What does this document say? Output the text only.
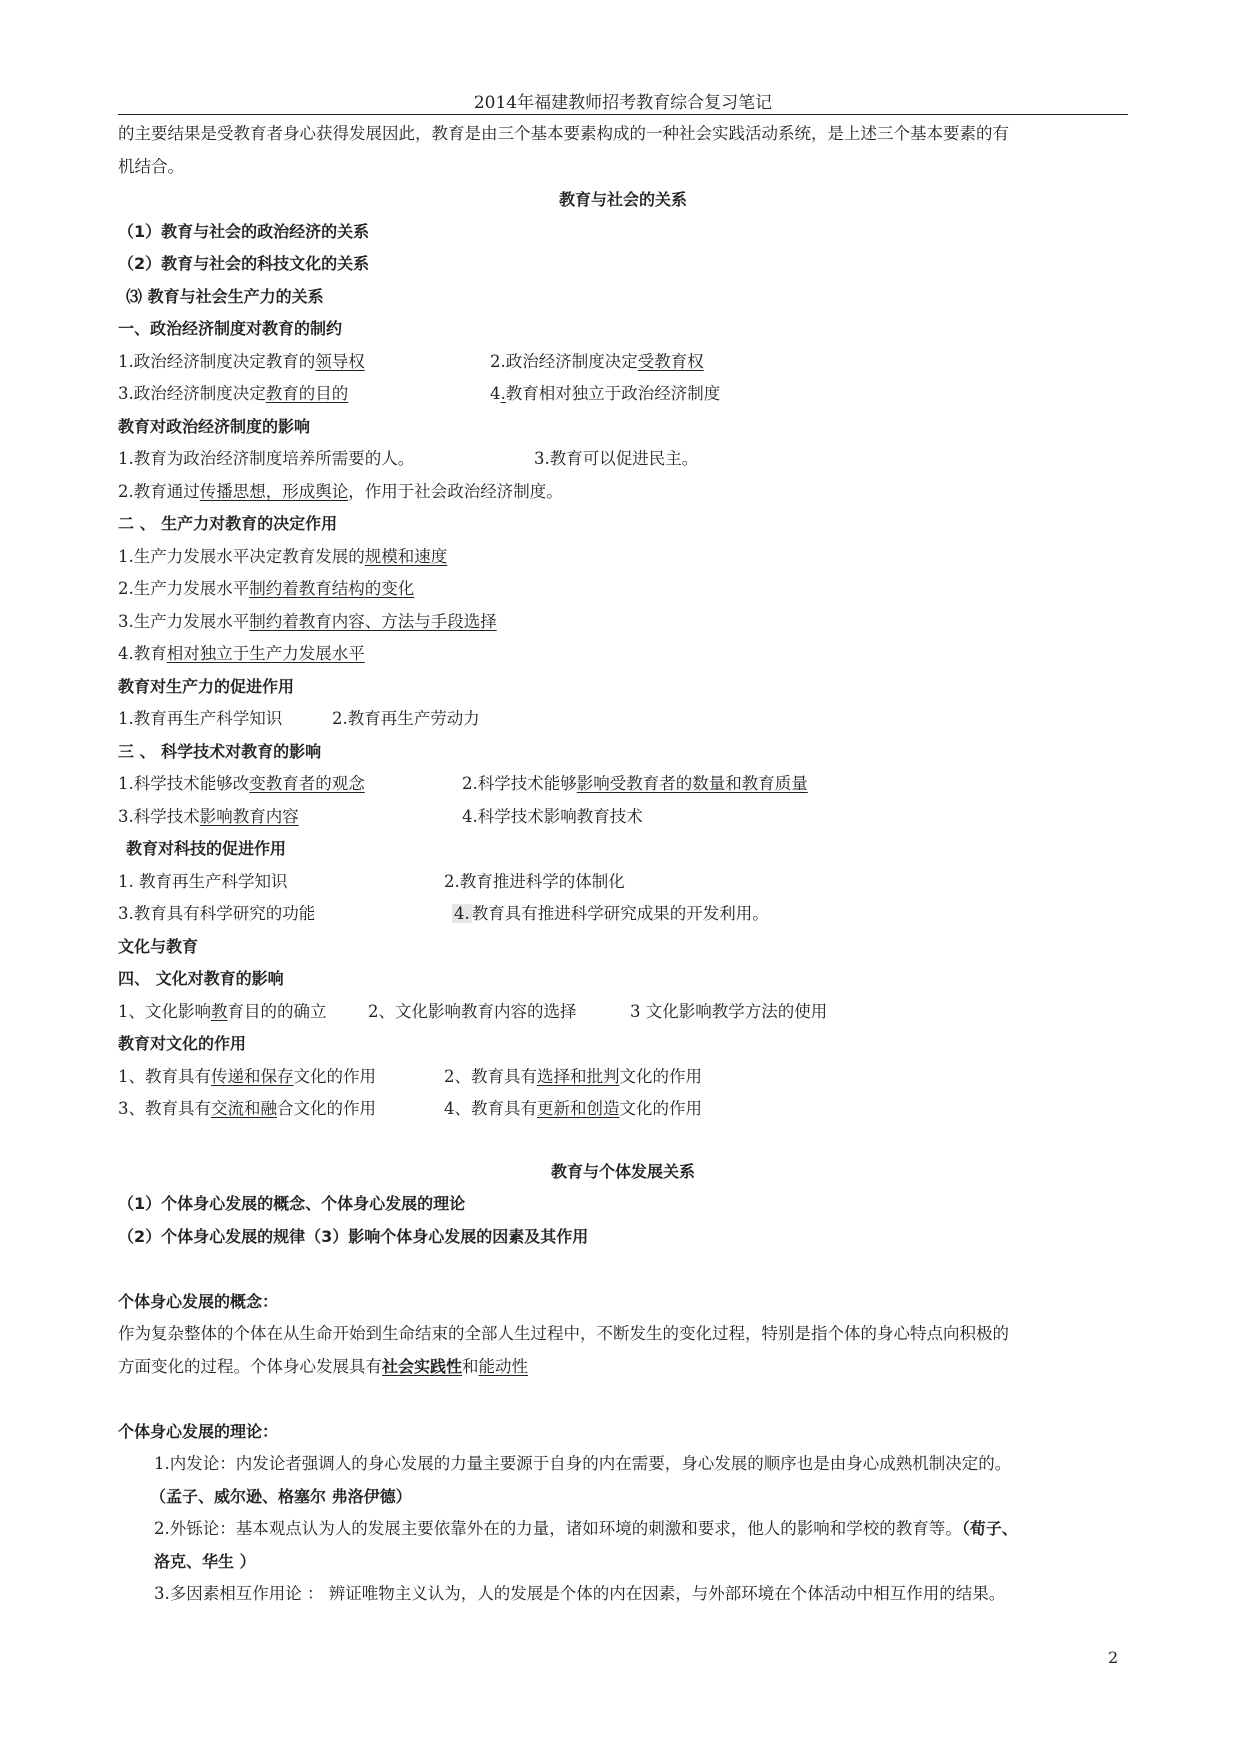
2014年福建教师招考教育综合复习笔记
的主要结果是受教育者身心获得发展因此，教育是由三个基本要素构成的一种社会实践活动系统，是上述三个基本要素的有
机结合。
教育与社会的关系
（1）教育与社会的政治经济的关系
（2）教育与社会的科技文化的关系
⑶ 教育与社会生产力的关系
一、政治经济制度对教育的制约
1.政治经济制度决定教育的领导权	2.政治经济制度决定受教育权
3.政治经济制度决定教育的目的	4.教育相对独立于政治经济制度
教育对政治经济制度的影响
1.教育为政治经济制度培养所需要的人。	3.教育可以促进民主。
2.教育通过传播思想，形成舆论，作用于社会政治经济制度。
二 、 生产力对教育的决定作用
1.生产力发展水平决定教育发展的规模和速度
2.生产力发展水平制约着教育结构的变化
3.生产力发展水平制约着教育内容、方法与手段选择
4.教育相对独立于生产力发展水平
教育对生产力的促进作用
1.教育再生产科学知识	2.教育再生产劳动力
三 、 科学技术对教育的影响
1.科学技术能够改变教育者的观念	2.科学技术能够影响受教育者的数量和教育质量
3.科学技术影响教育内容	4.科学技术影响教育技术
教育对科技的促进作用
1. 教育再生产科学知识	2.教育推进科学的体制化
3.教育具有科学研究的功能	4. 教育具有推进科学研究成果的开发利用。
文化与教育
四、 文化对教育的影响
1、文化影响教育目的的确立	2、文化影响教育内容的选择	3 文化影响教学方法的使用
教育对文化的作用
1、教育具有传递和保存文化的作用	2、教育具有选择和批判文化的作用
3、教育具有交流和融合文化的作用	4、教育具有更新和创造文化的作用
教育与个体发展关系
（1）个体身心发展的概念、个体身心发展的理论
（2）个体身心发展的规律（3）影响个体身心发展的因素及其作用
个体身心发展的概念：
作为复杂整体的个体在从生命开始到生命结束的全部人生过程中，不断发生的变化过程，特别是指个体的身心特点向积极的
方面变化的过程。个体身心发展具有社会实践性和能动性
个体身心发展的理论：
1.内发论：内发论者强调人的身心发展的力量主要源于自身的内在需要，身心发展的顺序也是由身心成熟机制决定的。
（孟子、威尔逊、格塞尔 弗洛伊德）
2.外铄论：基本观点认为人的发展主要依靠外在的力量，诸如环境的刺激和要求，他人的影响和学校的教育等。（荀子、
洛克、华生 ）
3.多因素相互作用论 ： 辨证唯物主义认为，人的发展是个体的内在因素，与外部环境在个体活动中相互作用的结果。
2
